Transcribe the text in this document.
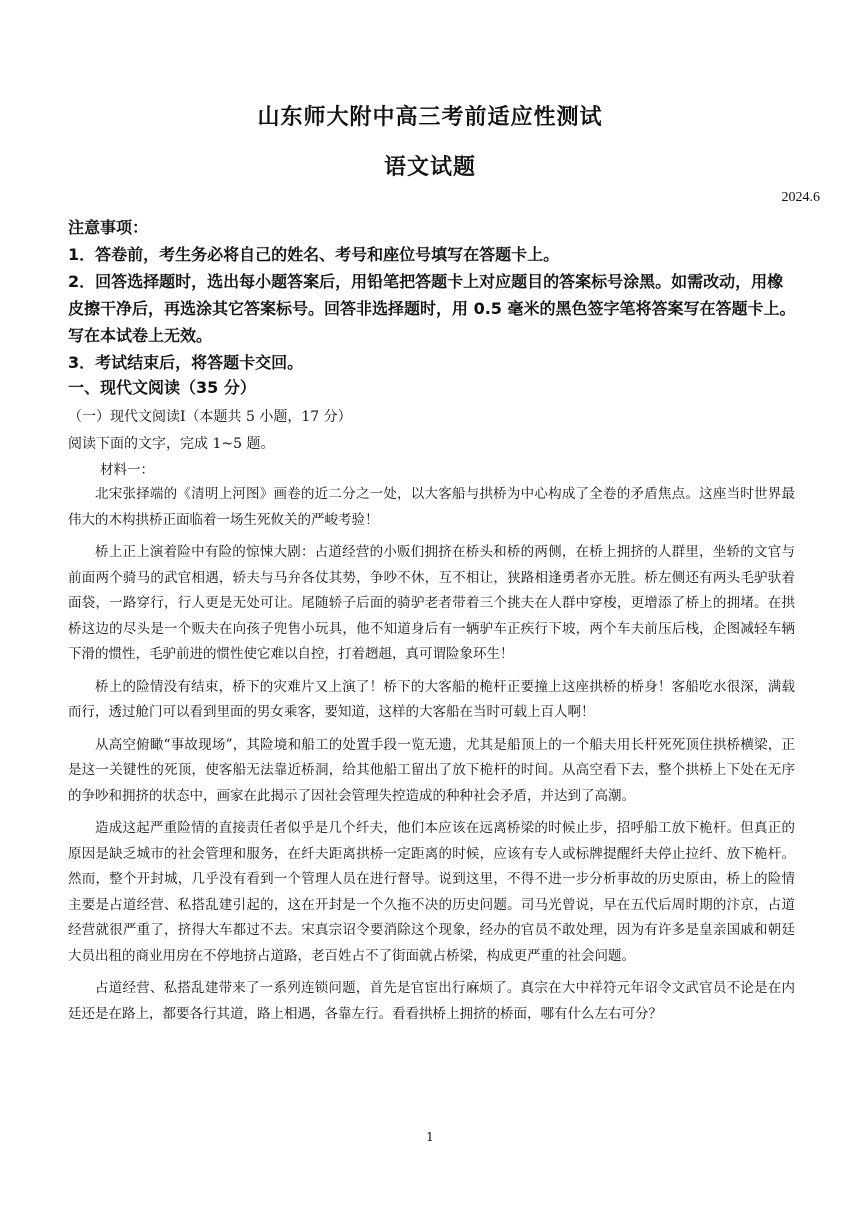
山东师大附中高三考前适应性测试
语文试题
2024.6

注意事项：

1．答卷前，考生务必将自己的姓名、考号和座位号填写在答题卡上。

2．回答选择题时，选出每小题答案后，用铅笔把答题卡上对应题目的答案标号涂黑。如需改动，用橡皮擦干净后，再选涂其它答案标号。回答非选择题时，用 0.5 毫米的黑色签字笔将答案写在答题卡上。写在本试卷上无效。

3．考试结束后，将答题卡交回。

一、现代文阅读（35 分）
（一）现代文阅读Ⅰ（本题共 5 小题，17 分）
阅读下面的文字，完成 1~5 题。
材料一：

北宋张择端的《清明上河图》画卷的近二分之一处，以大客船与拱桥为中心构成了全卷的矛盾焦点。这座当时世界最伟大的木构拱桥正面临着一场生死攸关的严峻考验！

桥上正上演着险中有险的惊悚大剧：占道经营的小贩们拥挤在桥头和桥的两侧，在桥上拥挤的人群里，坐轿的文官与前面两个骑马的武官相遇，轿夫与马弁各仗其势，争吵不休，互不相让，狭路相逢勇者亦无胜。桥左侧还有两头毛驴驮着面袋，一路穿行，行人更是无处可让。尾随轿子后面的骑驴老者带着三个挑夫在人群中穿梭，更增添了桥上的拥堵。在拱桥这边的尽头是一个贩夫在向孩子兜售小玩具，他不知道身后有一辆驴车正疾行下坡，两个车夫前压后栈，企图减轻车辆下滑的惯性，毛驴前进的惯性使它难以自控，打着趔趄，真可谓险象环生！

桥上的险情没有结束，桥下的灾难片又上演了！桥下的大客船的桅杆正要撞上这座拱桥的桥身！客船吃水很深，满载而行，透过舱门可以看到里面的男女乘客，要知道，这样的大客船在当时可载上百人啊！

从高空俯瞰“事故现场”，其险境和船工的处置手段一览无遗，尤其是船顶上的一个船夫用长杆死死顶住拱桥横梁，正是这一关键性的死顶，使客船无法靠近桥洞，给其他船工留出了放下桅杆的时间。从高空看下去，整个拱桥上下处在无序的争吵和拥挤的状态中，画家在此揭示了因社会管理失控造成的种种社会矛盾，并达到了高潮。

造成这起严重险情的直接责任者似乎是几个纤夫，他们本应该在远离桥梁的时候止步，招呼船工放下桅杆。但真正的原因是缺乏城市的社会管理和服务，在纤夫距离拱桥一定距离的时候，应该有专人或标牌提醒纤夫停止拉纤、放下桅杆。然而，整个开封城，几乎没有看到一个管理人员在进行督导。说到这里，不得不进一步分析事故的历史原由，桥上的险情主要是占道经营、私搭乱建引起的，这在开封是一个久拖不决的历史问题。司马光曾说，早在五代后周时期的汴京，占道经营就很严重了，挤得大车都过不去。宋真宗诏令要消除这个现象，经办的官员不敢处理，因为有许多是皇亲国戚和朝廷大员出租的商业用房在不停地挤占道路，老百姓占不了街面就占桥梁，构成更严重的社会问题。

占道经营、私搭乱建带来了一系列连锁问题，首先是官宦出行麻烦了。真宗在大中祥符元年诏令文武官员不论是在内廷还是在路上，都要各行其道，路上相遇，各靠左行。看看拱桥上拥挤的桥面，哪有什么左右可分？

1
